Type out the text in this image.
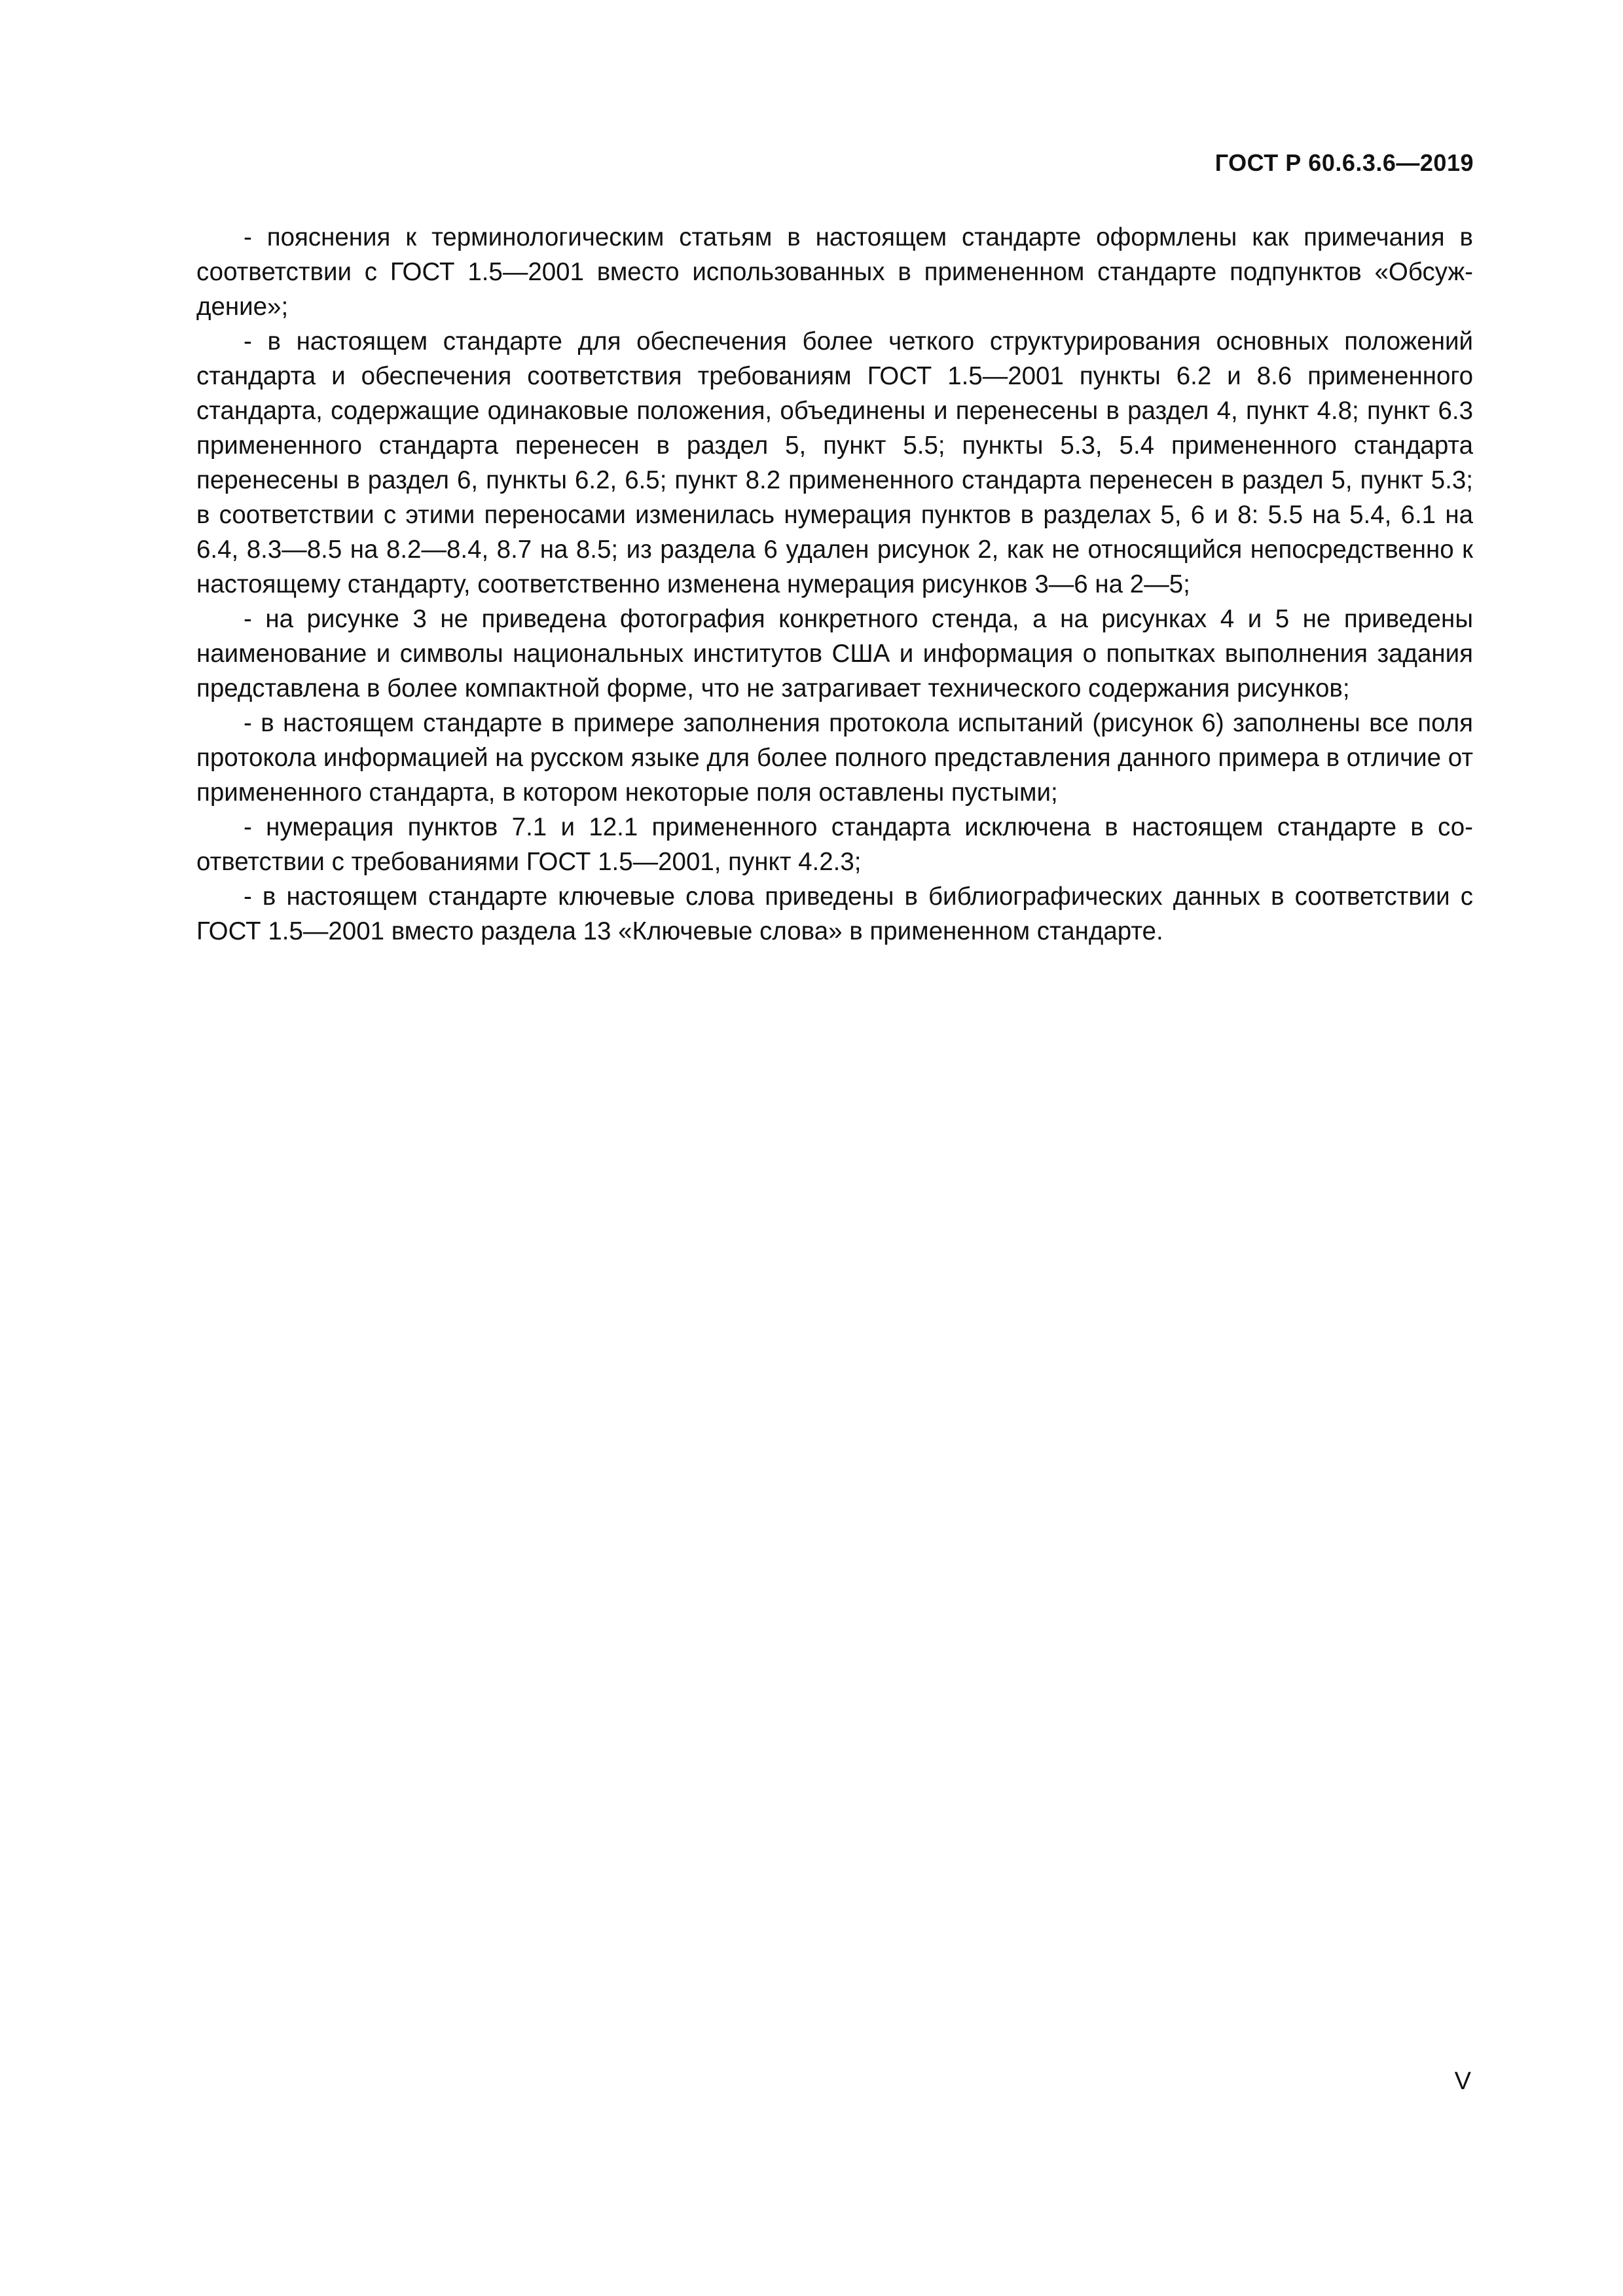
ГОСТ Р 60.6.3.6—2019

- пояснения к терминологическим статьям в настоящем стандарте оформлены как примечания в соответствии с ГОСТ 1.5—2001 вместо использованных в примененном стандарте подпунктов «Обсуждение»;

- в настоящем стандарте для обеспечения более четкого структурирования основных положений стандарта и обеспечения соответствия требованиям ГОСТ 1.5—2001 пункты 6.2 и 8.6 примененного стандарта, содержащие одинаковые положения, объединены и перенесены в раздел 4, пункт 4.8; пункт 6.3 примененного стандарта перенесен в раздел 5, пункт 5.5; пункты 5.3, 5.4 примененного стандарта перенесены в раздел 6, пункты 6.2, 6.5; пункт 8.2 примененного стандарта перенесен в раздел 5, пункт 5.3; в соответствии с этими переносами изменилась нумерация пунктов в разделах 5, 6 и 8: 5.5 на 5.4, 6.1 на 6.4, 8.3—8.5 на 8.2—8.4, 8.7 на 8.5; из раздела 6 удален рисунок 2, как не относящийся непосредственно к настоящему стандарту, соответственно изменена нумерация рисунков 3—6 на 2—5;

- на рисунке 3 не приведена фотография конкретного стенда, а на рисунках 4 и 5 не приведены наименование и символы национальных институтов США и информация о попытках выполнения задания представлена в более компактной форме, что не затрагивает технического содержания рисунков;

- в настоящем стандарте в примере заполнения протокола испытаний (рисунок 6) заполнены все поля протокола информацией на русском языке для более полного представления данного примера в отличие от примененного стандарта, в котором некоторые поля оставлены пустыми;

- нумерация пунктов 7.1 и 12.1 примененного стандарта исключена в настоящем стандарте в соответствии с требованиями ГОСТ 1.5—2001, пункт 4.2.3;

- в настоящем стандарте ключевые слова приведены в библиографических данных в соответствии с ГОСТ 1.5—2001 вместо раздела 13 «Ключевые слова» в примененном стандарте.

V
